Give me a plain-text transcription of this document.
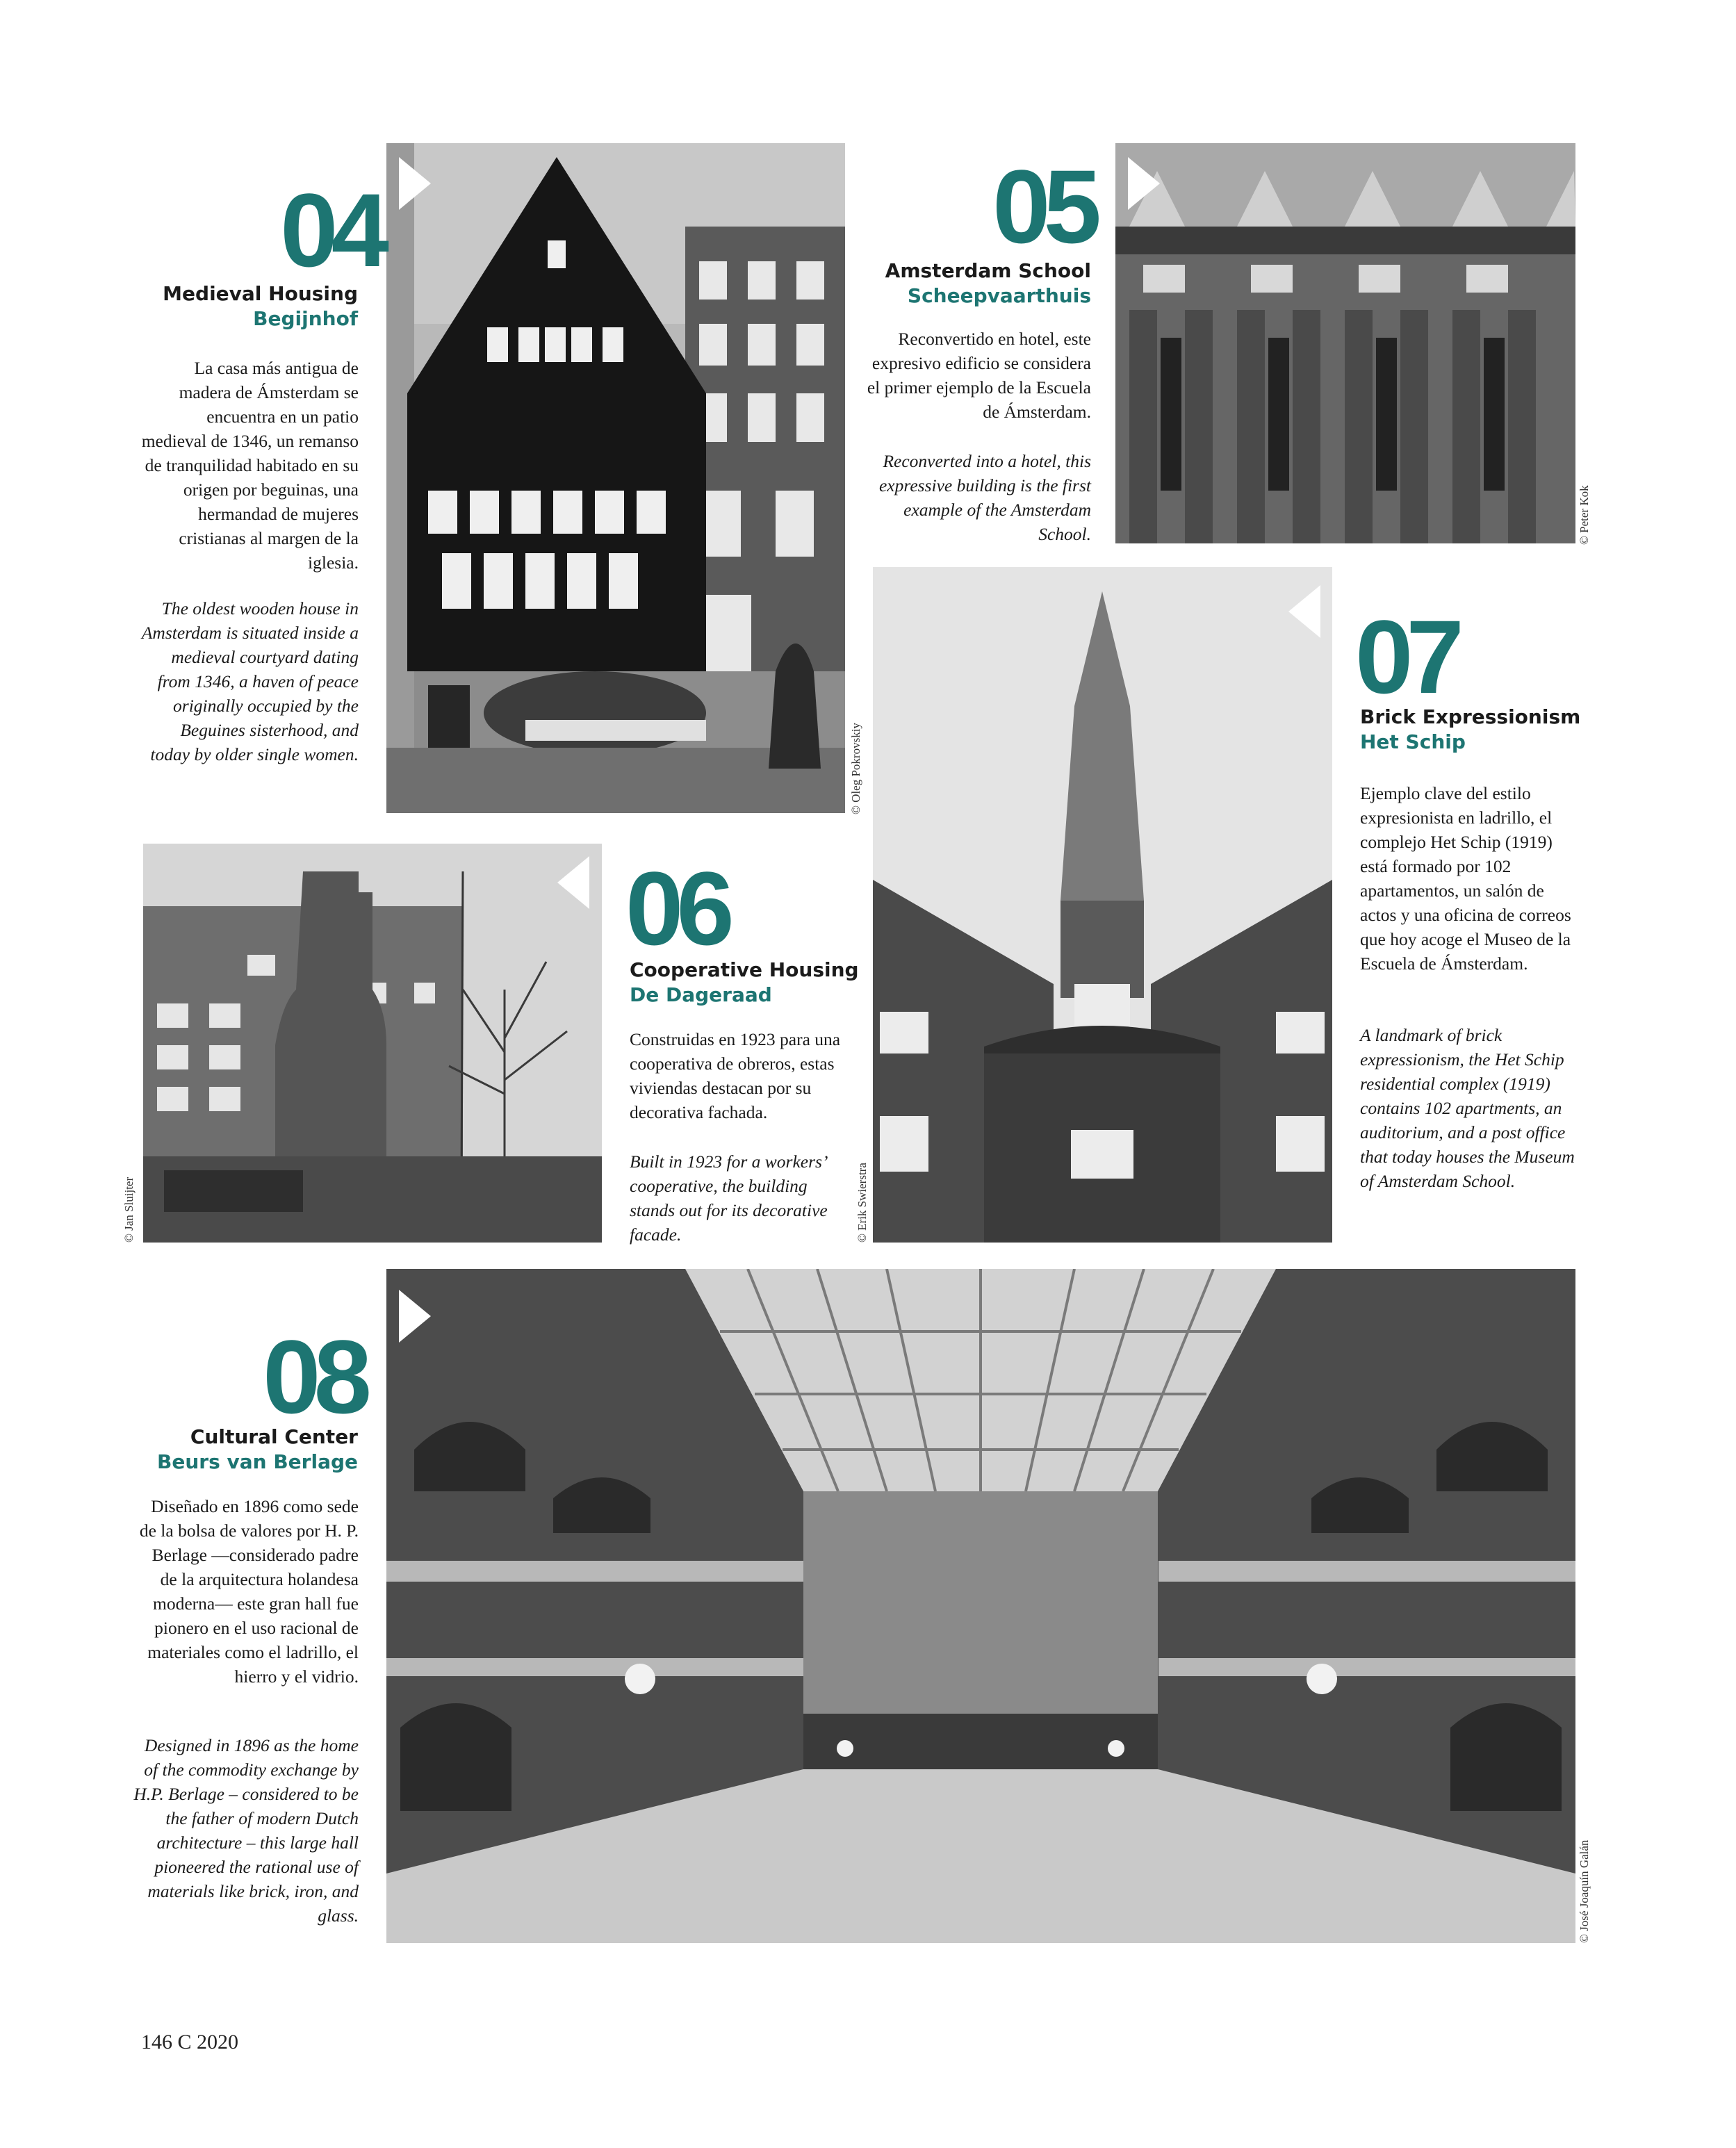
04
Medieval Housing
Begijnhof
La casa más antigua de madera de Ámsterdam se encuentra en un patio medieval de 1346, un remanso de tranquilidad habitado en su origen por beguinas, una hermandad de mujeres cristianas al margen de la iglesia.
The oldest wooden house in Amsterdam is situated inside a medieval courtyard dating from 1346, a haven of peace originally occupied by the Beguines sisterhood, and today by older single women.	© Oleg Pokrovskiy
05
Amsterdam School
Scheepvaarthuis
Reconvertido en hotel, este expresivo edificio se considera el primer ejemplo de la Escuela de Ámsterdam.
Reconverted into a hotel, this expressive building is the first example of the Amsterdam School.	© Peter Kok
06
Cooperative Housing
De Dageraad
Construidas en 1923 para una cooperativa de obreros, estas viviendas destacan por su decorativa fachada.
Built in 1923 for a workers’ cooperative, the building stands out for its decorative facade.
© Jan Sluijter
07
Brick Expressionism
Het Schip
Ejemplo clave del estilo expresionista en ladrillo, el complejo Het Schip (1919) está formado por 102 apartamentos, un salón de actos y una oficina de correos que hoy acoge el Museo de la Escuela de Ámsterdam.
A landmark of brick expressionism, the Het Schip residential complex (1919) contains 102 apartments, an auditorium, and a post office that today houses the Museum of Amsterdam School.
© Erik Swierstra
08
Cultural Center
Beurs van Berlage
Diseñado en 1896 como sede de la bolsa de valores por H. P. Berlage —considerado padre de la arquitectura holandesa moderna— este gran hall fue pionero en el uso racional de materiales como el ladrillo, el hierro y el vidrio.
Designed in 1896 as the home of the commodity exchange by H.P. Berlage – considered to be the father of modern Dutch architecture – this large hall pioneered the rational use of materials like brick, iron, and glass.	© José Joaquín Galán
146 C 2020
